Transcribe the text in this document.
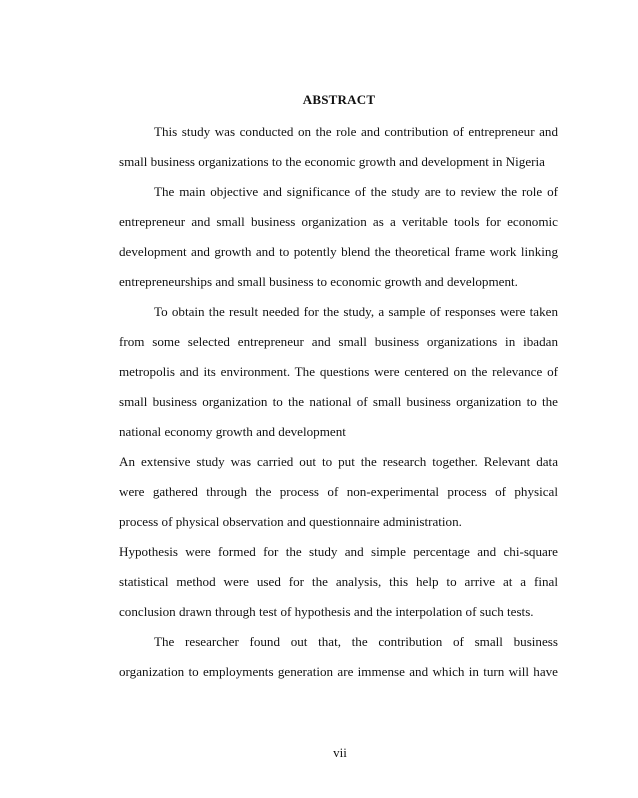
ABSTRACT
This study was conducted on the role and contribution of entrepreneur and
small business organizations to the economic growth and development in Nigeria
The main objective and significance of the study are to review the role of
entrepreneur and small business organization as a veritable tools for economic
development and growth and to potently blend the theoretical frame work linking
entrepreneurships and small business to economic growth and development.
To obtain the result needed for the study, a sample of responses were taken
from some selected entrepreneur and small business organizations in ibadan
metropolis and its environment. The questions were centered on the relevance of
small business organization to the national of small business organization to the
national economy growth and development
An extensive study was carried out to put the research together. Relevant data
were gathered through the process of non-experimental process of physical
process of physical observation and questionnaire administration.
Hypothesis were formed for the study and simple percentage and chi-square
statistical method were used for the analysis, this help to arrive at a final
conclusion drawn through test of hypothesis and the interpolation of such tests.
The researcher found out that, the contribution of small business
organization to employments generation are immense and which in turn will have
vii
